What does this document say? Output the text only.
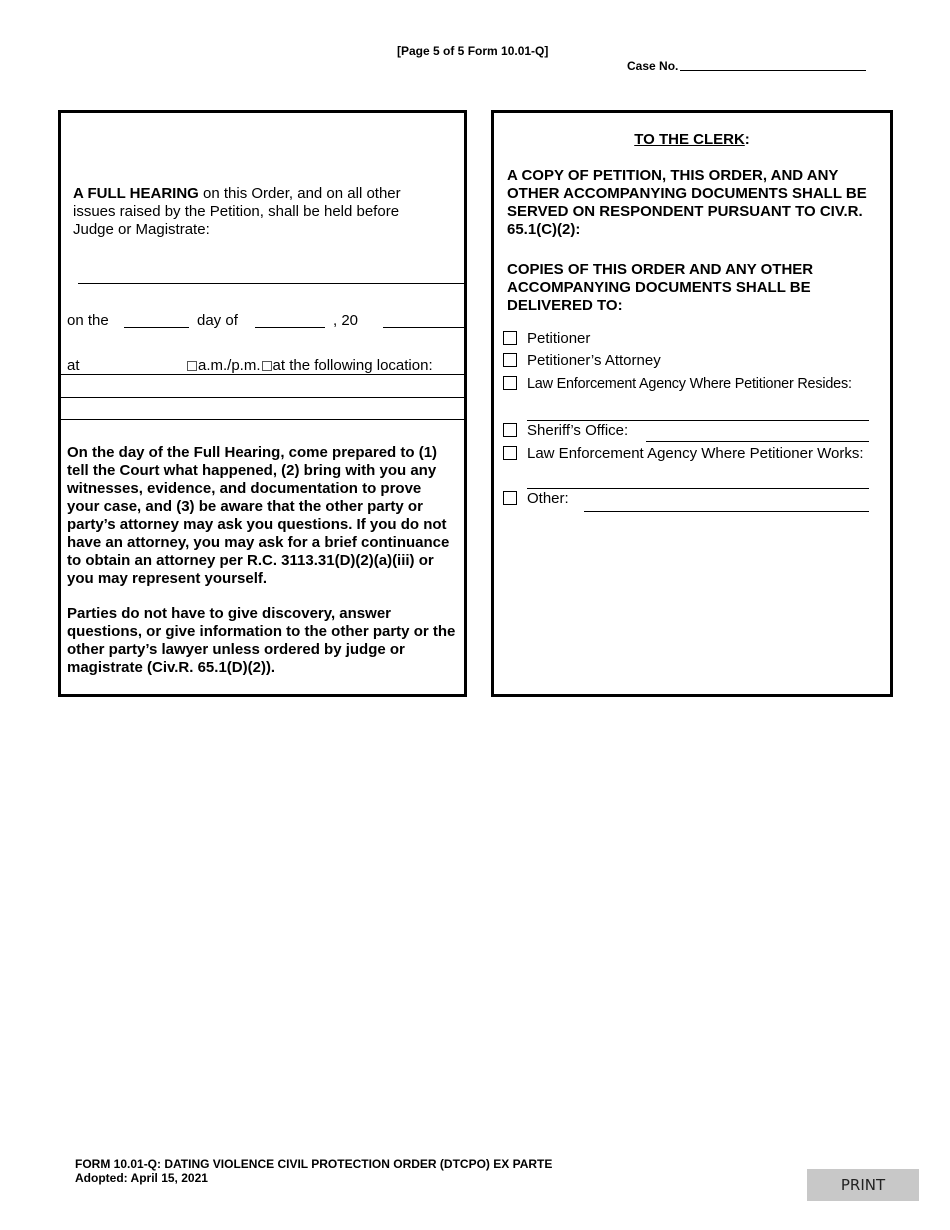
[Page 5 of 5 Form 10.01-Q]
Case No.
A FULL HEARING on this Order, and on all other issues raised by the Petition, shall be held before Judge or Magistrate:
on the	day of	, 20
at	a.m./p.m. at the following location:
On the day of the Full Hearing, come prepared to (1) tell the Court what happened, (2) bring with you any witnesses, evidence, and documentation to prove your case, and (3) be aware that the other party or party’s attorney may ask you questions. If you do not have an attorney, you may ask for a brief continuance to obtain an attorney per R.C. 3113.31(D)(2)(a)(iii) or you may represent yourself.
Parties do not have to give discovery, answer questions, or give information to the other party or the other party’s lawyer unless ordered by judge or magistrate (Civ.R. 65.1(D)(2)).
TO THE CLERK:
A COPY OF PETITION, THIS ORDER, AND ANY OTHER ACCOMPANYING DOCUMENTS SHALL BE SERVED ON RESPONDENT PURSUANT TO CIV.R. 65.1(C)(2):
COPIES OF THIS ORDER AND ANY OTHER ACCOMPANYING DOCUMENTS SHALL BE DELIVERED TO:
Petitioner
Petitioner’s Attorney
Law Enforcement Agency Where Petitioner Resides:
Sheriff’s Office:
Law Enforcement Agency Where Petitioner Works:
Other:
FORM 10.01-Q: DATING VIOLENCE CIVIL PROTECTION ORDER (DTCPO) EX PARTE
Adopted: April 15, 2021	PRINT
